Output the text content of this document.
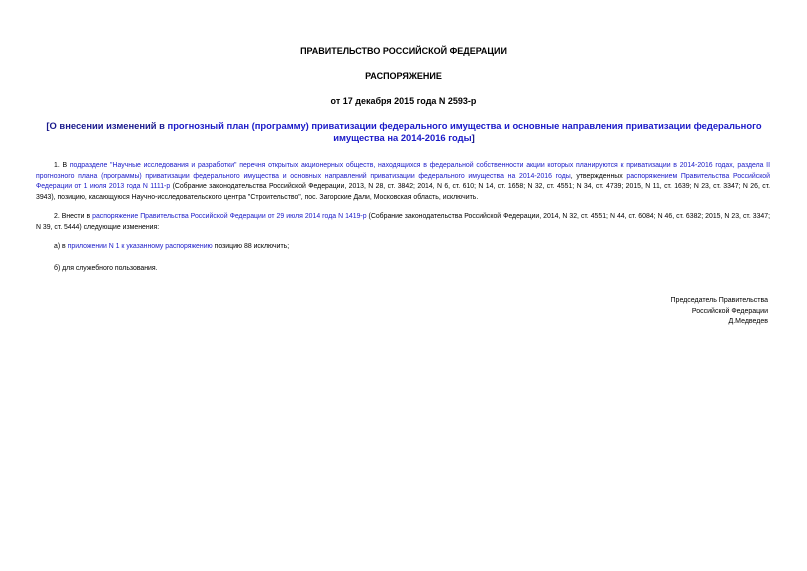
ПРАВИТЕЛЬСТВО РОССИЙСКОЙ ФЕДЕРАЦИИ
РАСПОРЯЖЕНИЕ
от 17 декабря 2015 года N 2593-р
[О внесении изменений в прогнозный план (программу) приватизации федерального имущества и основные направления приватизации федерального имущества на 2014-2016 годы]
1. В подразделе "Научные исследования и разработки" перечня открытых акционерных обществ, находящихся в федеральной собственности акции которых планируются к приватизации в 2014-2016 годах, раздела II прогнозного плана (программы) приватизации федерального имущества и основных направлений приватизации федерального имущества на 2014-2016 годы, утвержденных распоряжением Правительства Российской Федерации от 1 июля 2013 года N 1111-р (Собрание законодательства Российской Федерации, 2013, N 28, ст. 3842; 2014, N 6, ст. 610; N 14, ст. 1658; N 32, ст. 4551; N 34, ст. 4739; 2015, N 11, ст. 1639; N 23, ст. 3347; N 26, ст. 3943), позицию, касающуюся Научно-исследовательского центра "Строительство", пос. Загорские Дали, Московская область, исключить.
2. Внести в распоряжение Правительства Российской Федерации от 29 июля 2014 года N 1419-р (Собрание законодательства Российской Федерации, 2014, N 32, ст. 4551; N 44, ст. 6084; N 46, ст. 6382; 2015, N 23, ст. 3347; N 39, ст. 5444) следующие изменения:
а) в приложении N 1 к указанному распоряжению позицию 88 исключить;
б) для служебного пользования.
Председатель Правительства
Российской Федерации
Д.Медведев
